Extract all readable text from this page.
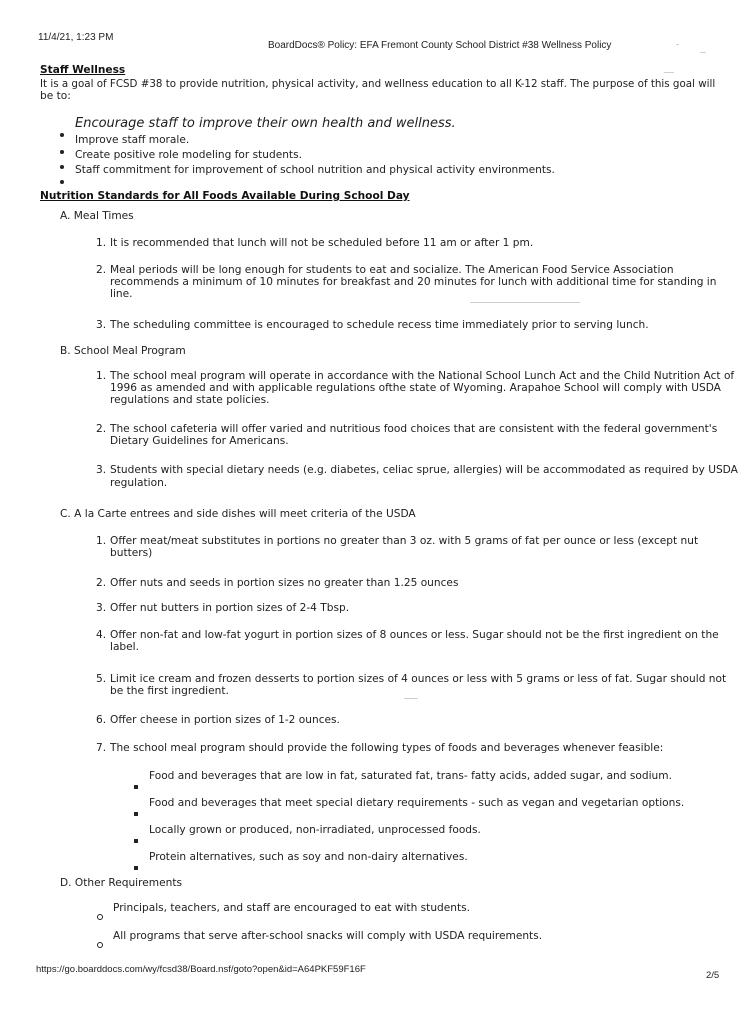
11/4/21, 1:23 PM
BoardDocs® Policy: EFA Fremont County School District #38 Wellness Policy
Staff Wellness
It is a goal of FCSD #38 to provide nutrition, physical activity, and wellness education to all K-12 staff. The purpose of this goal will
be to:
Encourage staff to improve their own health and wellness.
Improve staff morale.
Create positive role modeling for students.
Staff commitment for improvement of school nutrition and physical activity environments.
Nutrition Standards for All Foods Available During School Day
A. Meal Times
1. It is recommended that lunch will not be scheduled before 11 am or after 1 pm.
2. Meal periods will be long enough for students to eat and socialize. The American Food Service Association
recommends a minimum of 10 minutes for breakfast and 20 minutes for lunch with additional time for standing in
line.
3. The scheduling committee is encouraged to schedule recess time immediately prior to serving lunch.
B. School Meal Program
1. The school meal program will operate in accordance with the National School Lunch Act and the Child Nutrition Act of
1996 as amended and with applicable regulations ofthe state of Wyoming. Arapahoe School will comply with USDA
regulations and state policies.
2. The school cafeteria will offer varied and nutritious food choices that are consistent with the federal government's
Dietary Guidelines for Americans.
3. Students with special dietary needs (e.g. diabetes, celiac sprue, allergies) will be accommodated as required by USDA
regulation.
C. A la Carte entrees and side dishes will meet criteria of the USDA
1. Offer meat/meat substitutes in portions no greater than 3 oz. with 5 grams of fat per ounce or less (except nut
butters)
2. Offer nuts and seeds in portion sizes no greater than 1.25 ounces
3. Offer nut butters in portion sizes of 2-4 Tbsp.
4. Offer non-fat and low-fat yogurt in portion sizes of 8 ounces or less. Sugar should not be the first ingredient on the
label.
5. Limit ice cream and frozen desserts to portion sizes of 4 ounces or less with 5 grams or less of fat. Sugar should not
be the first ingredient.
6. Offer cheese in portion sizes of 1-2 ounces.
7. The school meal program should provide the following types of foods and beverages whenever feasible:
Food and beverages that are low in fat, saturated fat, trans- fatty acids, added sugar, and sodium.
Food and beverages that meet special dietary requirements - such as vegan and vegetarian options.
Locally grown or produced, non-irradiated, unprocessed foods.
Protein alternatives, such as soy and non-dairy alternatives.
D. Other Requirements
Principals, teachers, and staff are encouraged to eat with students.
All programs that serve after-school snacks will comply with USDA requirements.
https://go.boarddocs.com/wy/fcsd38/Board.nsf/goto?open&id=A64PKF59F16F
2/5
